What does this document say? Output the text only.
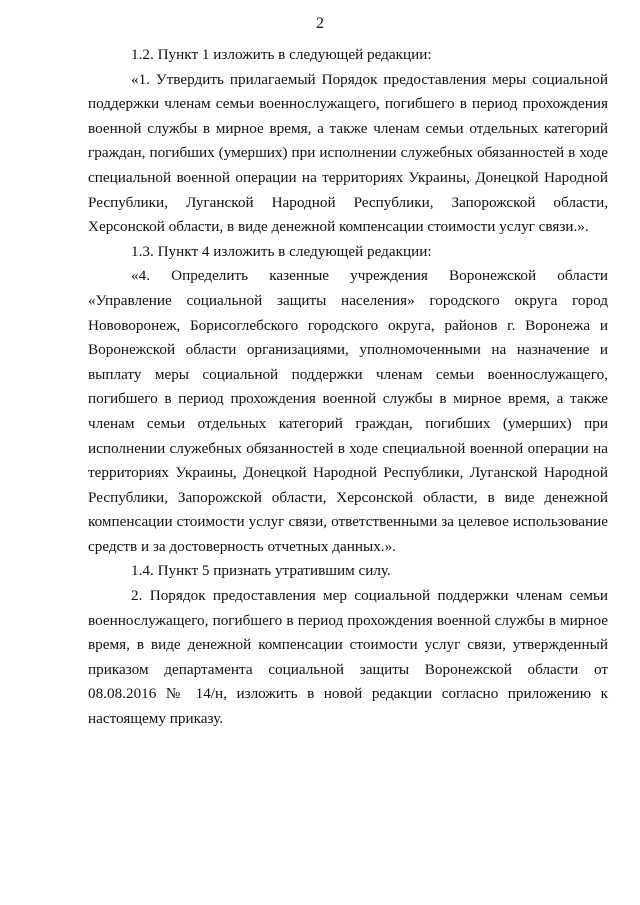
2

1.2. Пункт 1 изложить в следующей редакции:

«1. Утвердить прилагаемый Порядок предоставления меры социальной поддержки членам семьи военнослужащего, погибшего в период прохождения военной службы в мирное время, а также членам семьи отдельных категорий граждан, погибших (умерших) при исполнении служебных обязанностей в ходе специальной военной операции на территориях Украины, Донецкой Народной Республики, Луганской Народной Республики, Запорожской области, Херсонской области, в виде денежной компенсации стоимости услуг связи.».

1.3. Пункт 4 изложить в следующей редакции:

«4. Определить казенные учреждения Воронежской области «Управление социальной защиты населения» городского округа город Нововоронеж, Борисоглебского городского округа, районов г. Воронежа и Воронежской области организациями, уполномоченными на назначение и выплату меры социальной поддержки членам семьи военнослужащего, погибшего в период прохождения военной службы в мирное время, а также членам семьи отдельных категорий граждан, погибших (умерших) при исполнении служебных обязанностей в ходе специальной военной операции на территориях Украины, Донецкой Народной Республики, Луганской Народной Республики, Запорожской области, Херсонской области, в виде денежной компенсации стоимости услуг связи, ответственными за целевое использование средств и за достоверность отчетных данных.».

1.4. Пункт 5 признать утратившим силу.

2. Порядок предоставления мер социальной поддержки членам семьи военнослужащего, погибшего в период прохождения военной службы в мирное время, в виде денежной компенсации стоимости услуг связи, утвержденный приказом департамента социальной защиты Воронежской области от 08.08.2016 № 14/н, изложить в новой редакции согласно приложению к настоящему приказу.
